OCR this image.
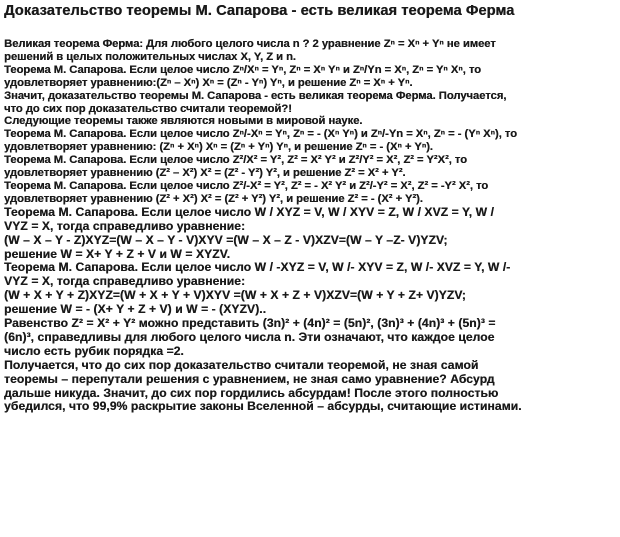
Доказательство теоремы М. Сапарова - есть великая теорема Ферма
Великая теорема Ферма: Для любого целого числа n ? 2 уравнение Zⁿ = Xⁿ + Yⁿ не имеет
решений в целых положительных числах X, Y, Z и n.
Теорема М. Сапарова. Если целое число Zⁿ/Xⁿ = Yⁿ, Zⁿ = Xⁿ Yⁿ и Zⁿ/Yn = Xⁿ, Zⁿ = Yⁿ Xⁿ, то
удовлетворяет уравнению:(Zⁿ – Xⁿ) Xⁿ = (Zⁿ - Yⁿ) Yⁿ, и решение Zⁿ = Xⁿ + Yⁿ.
Значит, доказательство теоремы М. Сапарова - есть великая теорема Ферма. Получается,
что до сих пор доказательство считали теоремой?!
Следующие теоремы также являются новыми в мировой науке.
Теорема М. Сапарова. Если целое число Zⁿ/-Xⁿ = Yⁿ, Zⁿ = - (Xⁿ Yⁿ) и Zⁿ/-Yn = Xⁿ, Zⁿ = - (Yⁿ Xⁿ), то
удовлетворяет уравнению: (Zⁿ + Xⁿ) Xⁿ = (Zⁿ + Yⁿ) Yⁿ, и решение Zⁿ = - (Xⁿ + Yⁿ).
Теорема М. Сапарова. Если целое число Z²/X² = Y², Z² = X² Y² и Z²/Y² = X², Z² = Y²X², то
удовлетворяет уравнению (Z² – X²) X² = (Z² - Y²) Y², и решение Z² = X² + Y².
Теорема М. Сапарова. Если целое число Z²/-X² = Y², Z² = - X² Y² и Z²/-Y² = X², Z² = -Y² X², то
удовлетворяет уравнению (Z² + X²) X² = (Z² + Y²) Y², и решение Z² = - (X² + Y²).
Теорема М. Сапарова. Если целое число W / XYZ = V, W / XYV = Z, W / XVZ = Y, W /
VYZ = X, тогда справедливо уравнение:
(W – X – Y - Z)XYZ=(W – X – Y - V)XYV =(W – X – Z - V)XZV=(W – Y –Z- V)YZV;
решение W = X+ Y + Z + V и W = XYZV.
Теорема М. Сапарова. Если целое число W / -XYZ = V, W /- XYV = Z, W /- XVZ = Y, W /-
VYZ = X, тогда справедливо уравнение:
(W + X + Y + Z)XYZ=(W + X + Y + V)XYV =(W + X + Z + V)XZV=(W + Y + Z+ V)YZV;
решение W = - (X+ Y + Z + V) и W = - (XYZV)..
Равенство Z² = X² + Y² можно представить (3n)² + (4n)² = (5n)², (3n)³ + (4n)³ + (5n)³ =
(6n)³, справедливы для любого целого числа n. Эти означают, что каждое целое
число есть рубик порядка =2.
Получается, что до сих пор доказательство считали теоремой, не зная самой
теоремы – перепутали решения с уравнением, не зная само уравнение? Абсурд
дальше никуда. Значит, до сих пор гордились абсурдам! После этого полностью
убедился, что 99,9% раскрытие законы Вселенной – абсурды, считающие истинами.
